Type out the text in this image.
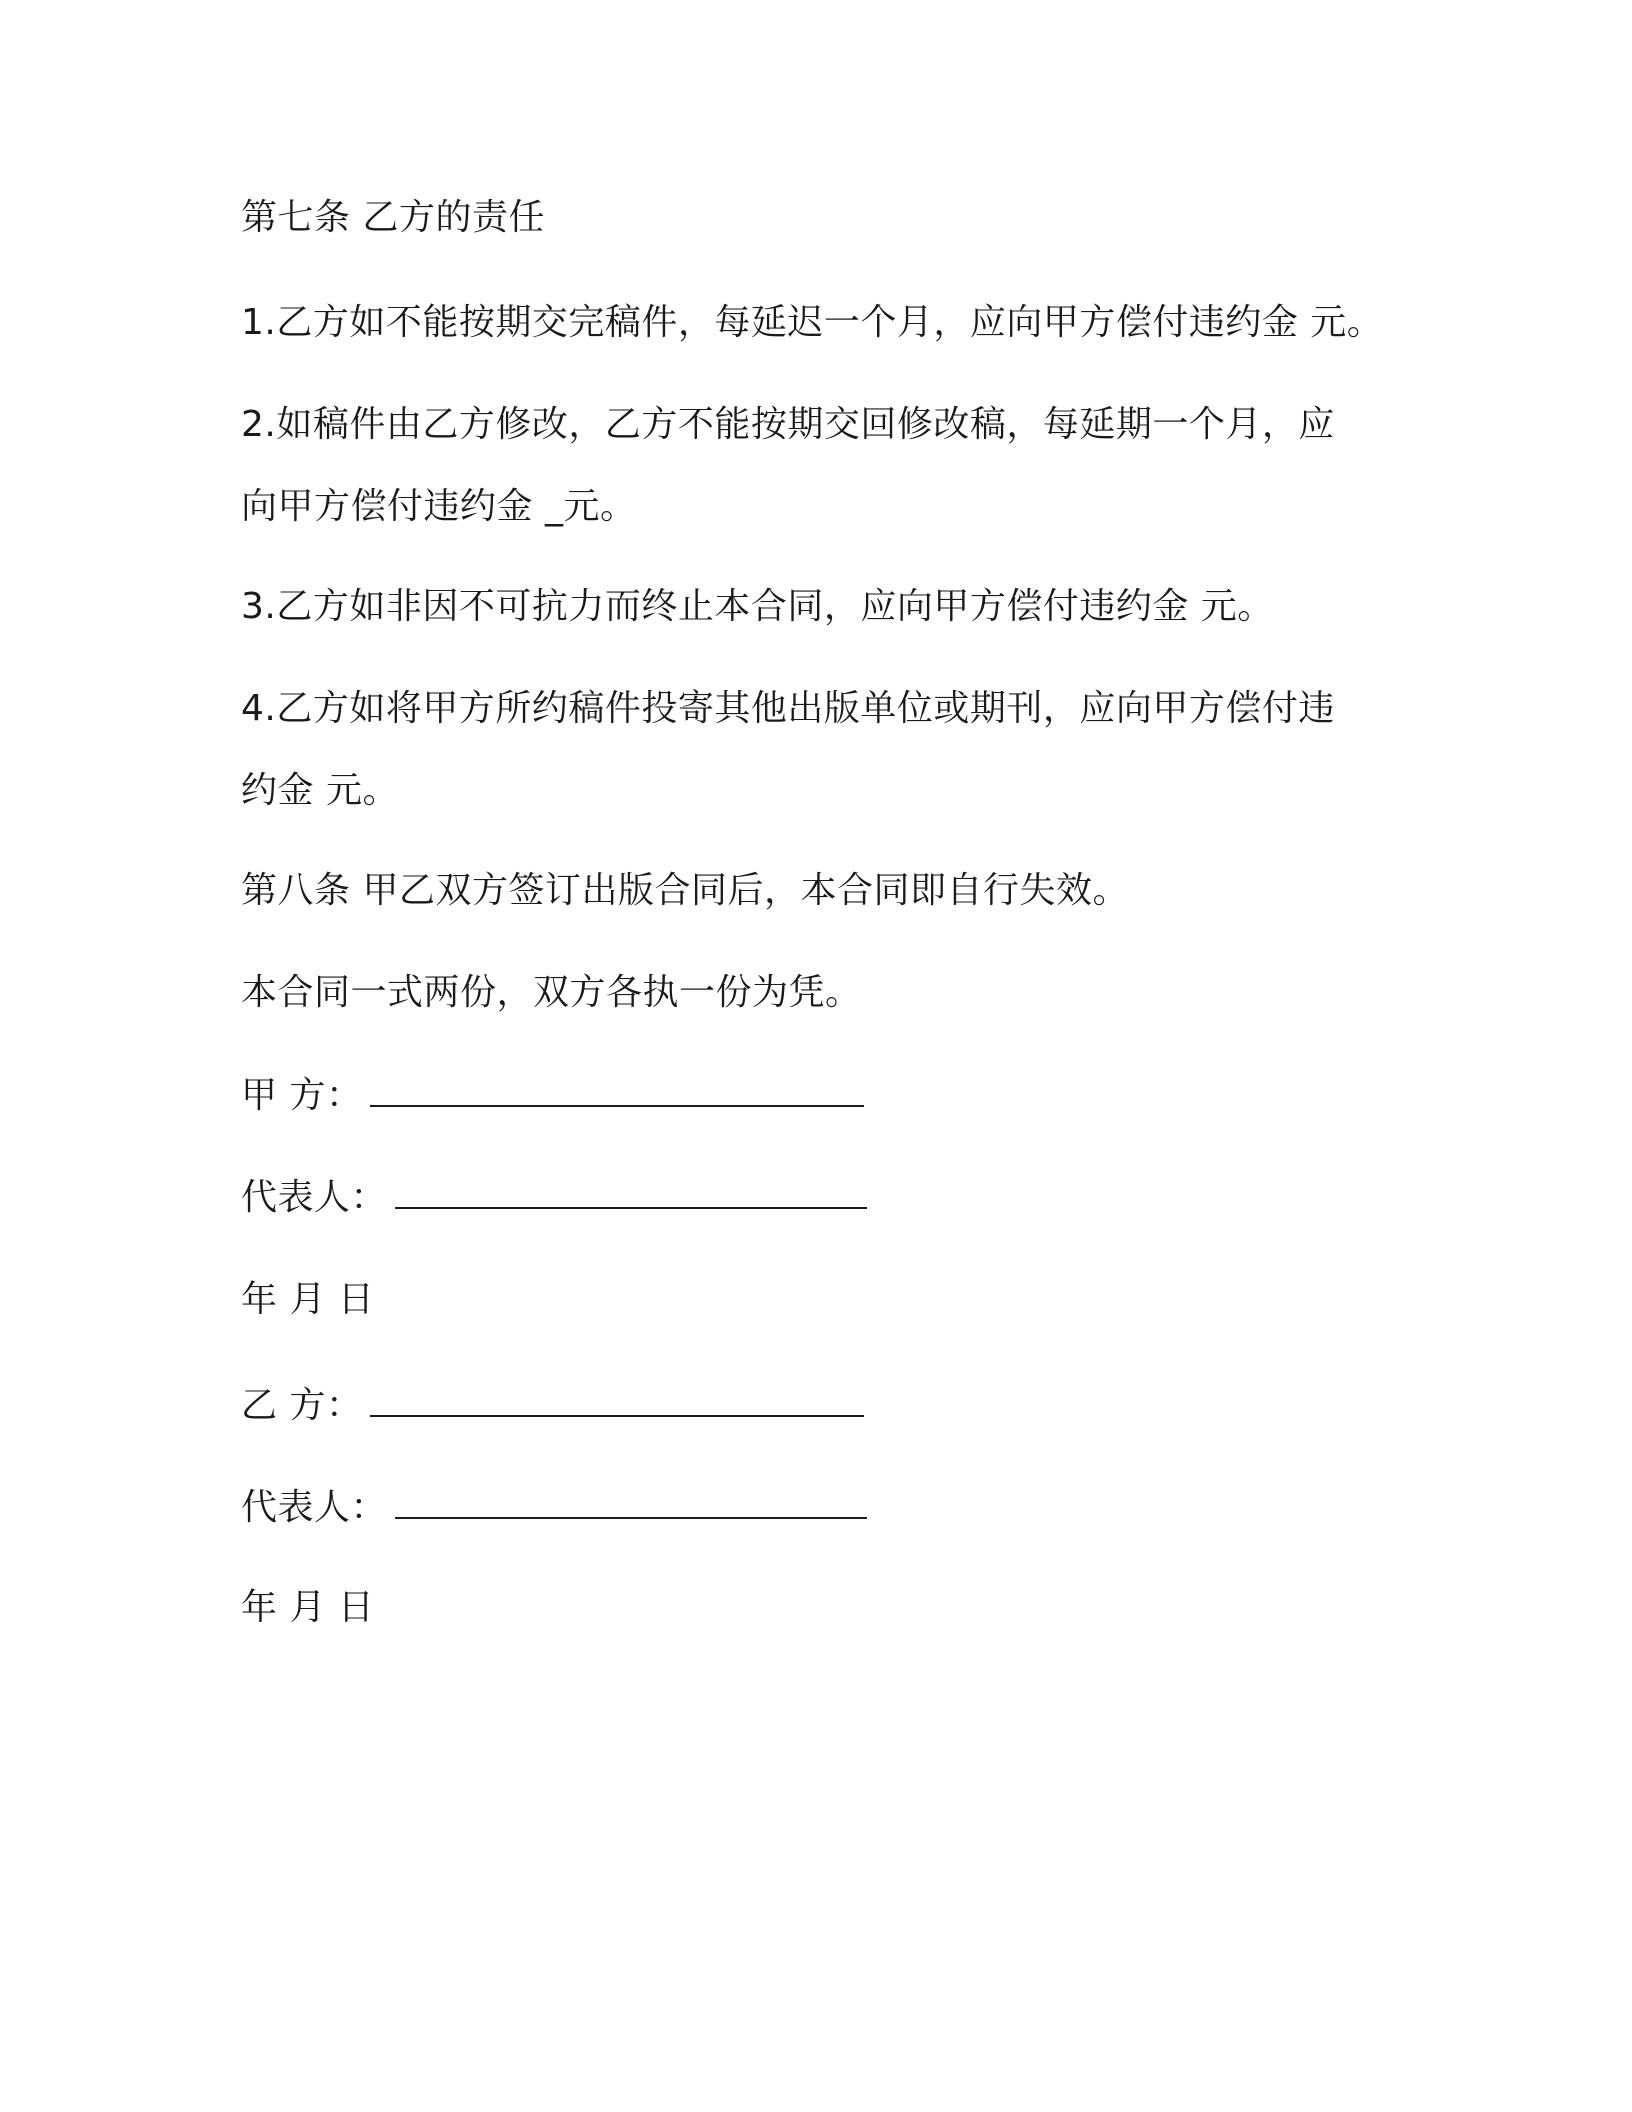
第七条 乙方的责任
1.乙方如不能按期交完稿件，每延迟一个月，应向甲方偿付违约金 元。
2.如稿件由乙方修改，乙方不能按期交回修改稿，每延期一个月，应
向甲方偿付违约金 _元。
3.乙方如非因不可抗力而终止本合同，应向甲方偿付违约金 元。
4.乙方如将甲方所约稿件投寄其他出版单位或期刊，应向甲方偿付违
约金 元。
第八条 甲乙双方签订出版合同后，本合同即自行失效。
本合同一式两份，双方各执一份为凭。
甲 方：
代表人：
年 月 日
乙 方：
代表人：
年 月 日
